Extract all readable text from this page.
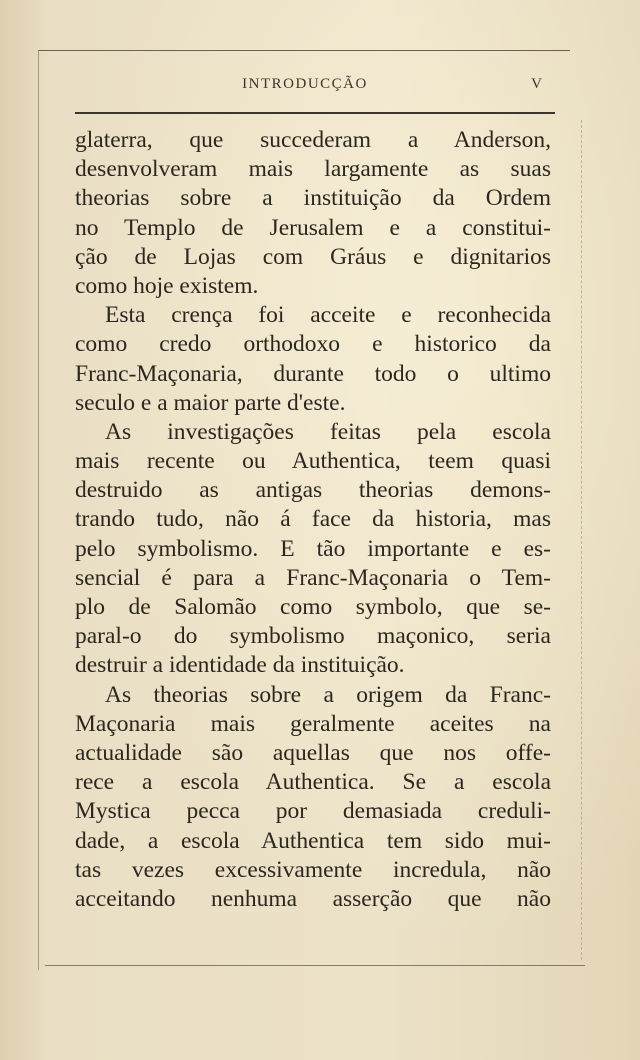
INTRODUCÇÃO	V
glaterra, que succederam a Anderson,
desenvolveram mais largamente as suas
theorias sobre a instituição da Ordem
no Templo de Jerusalem e a constitui-
ção de Lojas com Gráus e dignitarios
como hoje existem.
Esta crença foi acceite e reconhecida
como credo orthodoxo e historico da
Franc-Maçonaria, durante todo o ultimo
seculo e a maior parte d'este.
As investigações feitas pela escola
mais recente ou Authentica, teem quasi
destruido as antigas theorias demons-
trando tudo, não á face da historia, mas
pelo symbolismo. E tão importante e es-
sencial é para a Franc-Maçonaria o Tem-
plo de Salomão como symbolo, que se-
paral-o do symbolismo maçonico, seria
destruir a identidade da instituição.
As theorias sobre a origem da Franc-
Maçonaria mais geralmente aceites na
actualidade são aquellas que nos offe-
rece a escola Authentica. Se a escola
Mystica pecca por demasiada creduli-
dade, a escola Authentica tem sido mui-
tas vezes excessivamente incredula, não
acceitando nenhuma asserção que não
